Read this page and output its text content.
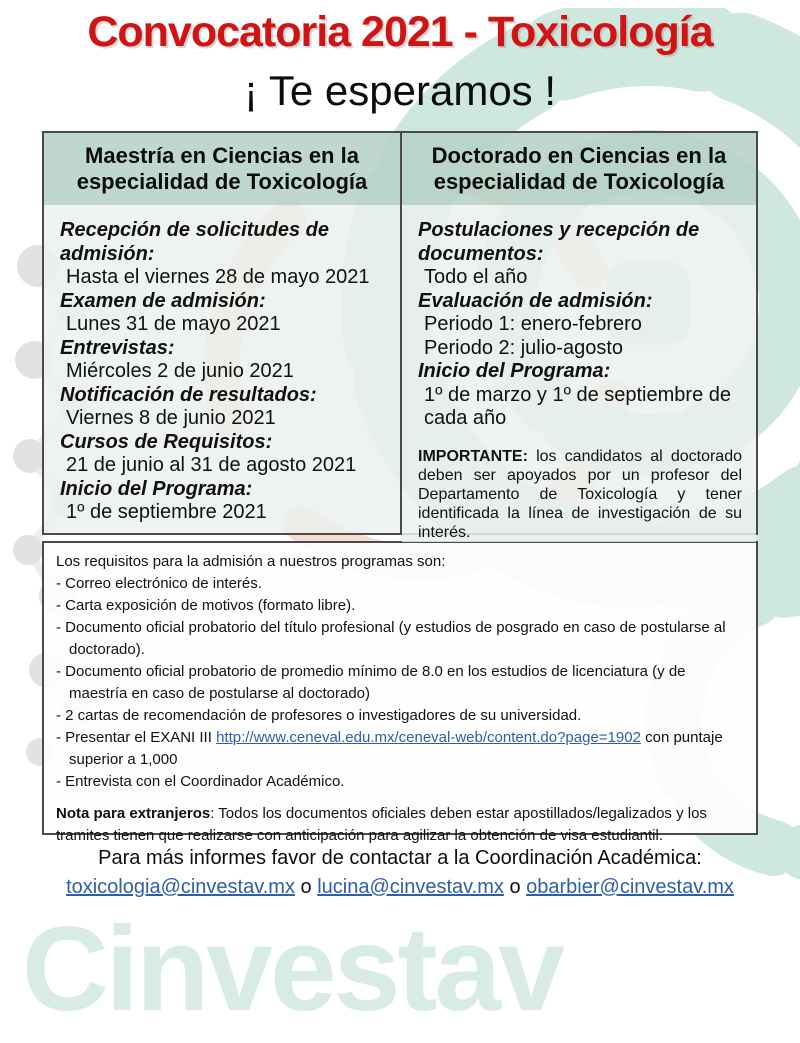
Cinvestav
Convocatoria 2021 - Toxicología
¡ Te esperamos !
Maestría en Ciencias en la especialidad de Toxicología
Recepción de solicitudes de admisión:
Hasta el viernes 28 de mayo 2021
Examen de admisión:
Lunes 31 de mayo 2021
Entrevistas:
Miércoles 2 de junio 2021
Notificación de resultados:
Viernes 8 de junio 2021
Cursos de Requisitos:
21 de junio al 31 de agosto 2021
Inicio del Programa:
1º de septiembre 2021
Doctorado en Ciencias en la especialidad de Toxicología
Postulaciones y recepción de documentos:
Todo el año
Evaluación de admisión:
Periodo 1: enero-febrero
Periodo 2: julio-agosto
Inicio del Programa:
1º de marzo y 1º de septiembre de cada año

IMPORTANTE: los candidatos al doctorado deben ser apoyados por un profesor del Departamento de Toxicología y tener identificada la línea de investigación de su interés.

Los requisitos para la admisión a nuestros programas son:
- Correo electrónico de interés.
- Carta exposición de motivos (formato libre).
- Documento oficial probatorio del título profesional (y estudios de posgrado en caso de postularse al doctorado).
- Documento oficial probatorio de promedio mínimo de 8.0 en los estudios de licenciatura (y de maestría en caso de postularse al doctorado)
- 2 cartas de recomendación de profesores o investigadores de su universidad.
- Presentar el EXANI III http://www.ceneval.edu.mx/ceneval-web/content.do?page=1902 con puntaje superior a 1,000
- Entrevista con el Coordinador Académico.

Nota para extranjeros: Todos los documentos oficiales deben estar apostillados/legalizados y los tramites tienen que realizarse con anticipación para agilizar la obtención de visa estudiantil.

Para más informes favor de contactar a la Coordinación Académica:
toxicologia@cinvestav.mx o lucina@cinvestav.mx o obarbier@cinvestav.mx
